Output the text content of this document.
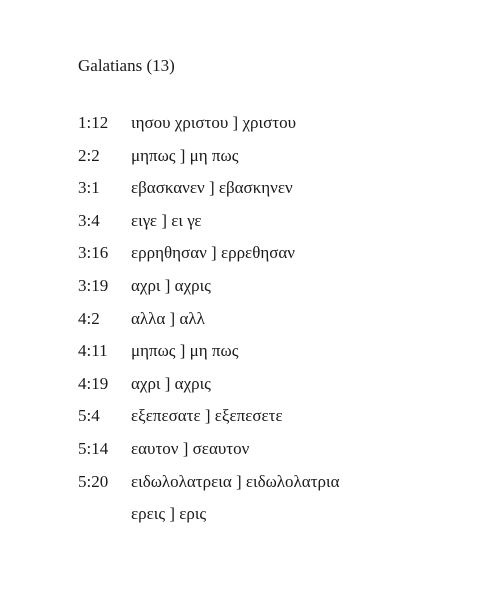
Galatians (13)
1:12	ιησου χριστου ] χριστου
2:2	μηπως ] μη πως
3:1	εβασκανεν ] εβασκηνεν
3:4	ειγε ] ει γε
3:16	ερρηθησαν ] ερρεθησαν
3:19	αχρι ] αχρις
4:2	αλλα ] αλλ
4:11	μηπως ] μη πως
4:19	αχρι ] αχρις
5:4	εξεπεσατε ] εξεπεσετε
5:14	εαυτον ] σεαυτον
5:20	ειδωλολατρεια ] ειδωλολατρια
ερεις ] ερις
